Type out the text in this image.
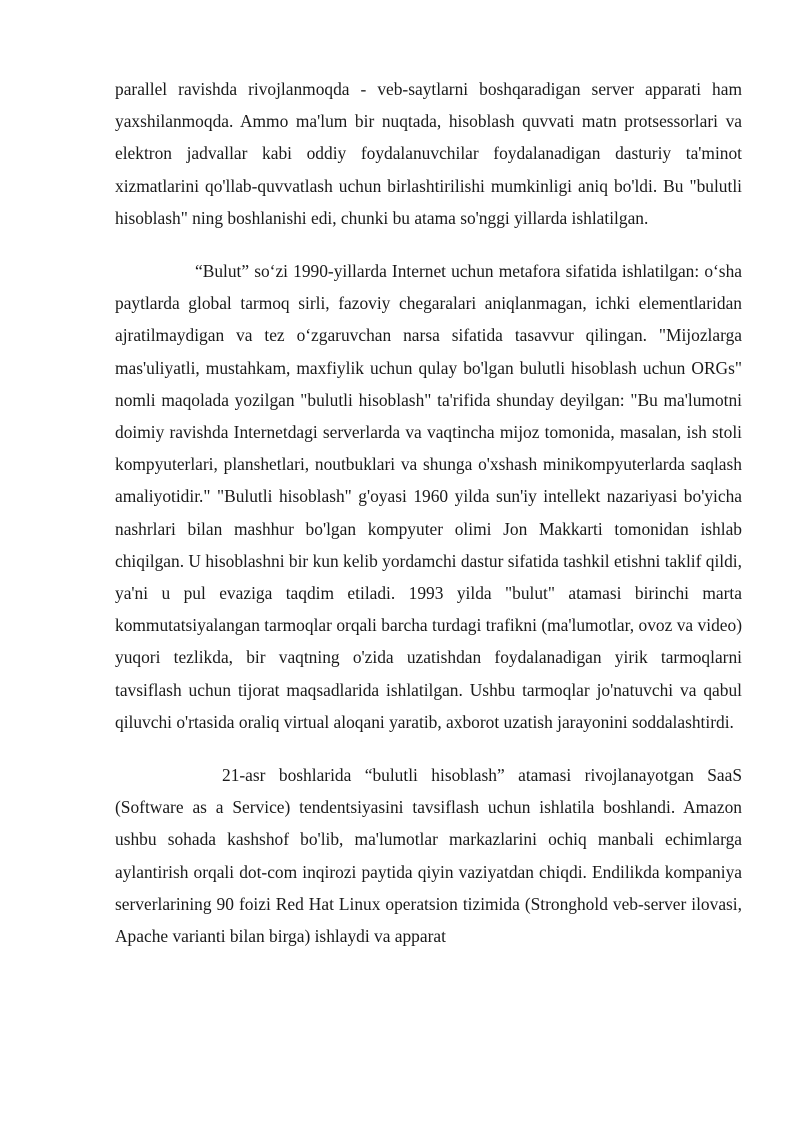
parallel ravishda rivojlanmoqda - veb-saytlarni boshqaradigan server apparati ham yaxshilanmoqda. Ammo ma'lum bir nuqtada, hisoblash quvvati matn protsessorlari va elektron jadvallar kabi oddiy foydalanuvchilar foydalanadigan dasturiy ta'minot xizmatlarini qo'llab-quvvatlash uchun birlashtirilishi mumkinligi aniq bo'ldi. Bu "bulutli hisoblash" ning boshlanishi edi, chunki bu atama so'nggi yillarda ishlatilgan.

“Bulut” so‘zi 1990-yillarda Internet uchun metafora sifatida ishlatilgan: o‘sha paytlarda global tarmoq sirli, fazoviy chegaralari aniqlanmagan, ichki elementlaridan ajratilmaydigan va tez o‘zgaruvchan narsa sifatida tasavvur qilingan. "Mijozlarga mas'uliyatli, mustahkam, maxfiylik uchun qulay bo'lgan bulutli hisoblash uchun ORGs" nomli maqolada yozilgan "bulutli hisoblash" ta'rifida shunday deyilgan: "Bu ma'lumotni doimiy ravishda Internetdagi serverlarda va vaqtincha mijoz tomonida, masalan, ish stoli kompyuterlari, planshetlari, noutbuklari va shunga o'xshash minikompyuterlarda saqlash amaliyotidir." "Bulutli hisoblash" g'oyasi 1960 yilda sun'iy intellekt nazariyasi bo'yicha nashrlari bilan mashhur bo'lgan kompyuter olimi Jon Makkarti tomonidan ishlab chiqilgan. U hisoblashni bir kun kelib yordamchi dastur sifatida tashkil etishni taklif qildi, ya'ni u pul evaziga taqdim etiladi. 1993 yilda "bulut" atamasi birinchi marta kommutatsiyalangan tarmoqlar orqali barcha turdagi trafikni (ma'lumotlar, ovoz va video) yuqori tezlikda, bir vaqtning o'zida uzatishdan foydalanadigan yirik tarmoqlarni tavsiflash uchun tijorat maqsadlarida ishlatilgan. Ushbu tarmoqlar jo'natuvchi va qabul qiluvchi o'rtasida oraliq virtual aloqani yaratib, axborot uzatish jarayonini soddalashtirdi.

21-asr boshlarida “bulutli hisoblash” atamasi rivojlanayotgan SaaS (Software as a Service) tendentsiyasini tavsiflash uchun ishlatila boshlandi. Amazon ushbu sohada kashshof bo'lib, ma'lumotlar markazlarini ochiq manbali echimlarga aylantirish orqali dot-com inqirozi paytida qiyin vaziyatdan chiqdi. Endilikda kompaniya serverlarining 90 foizi Red Hat Linux operatsion tizimida (Stronghold veb-server ilovasi, Apache varianti bilan birga) ishlaydi va apparat
